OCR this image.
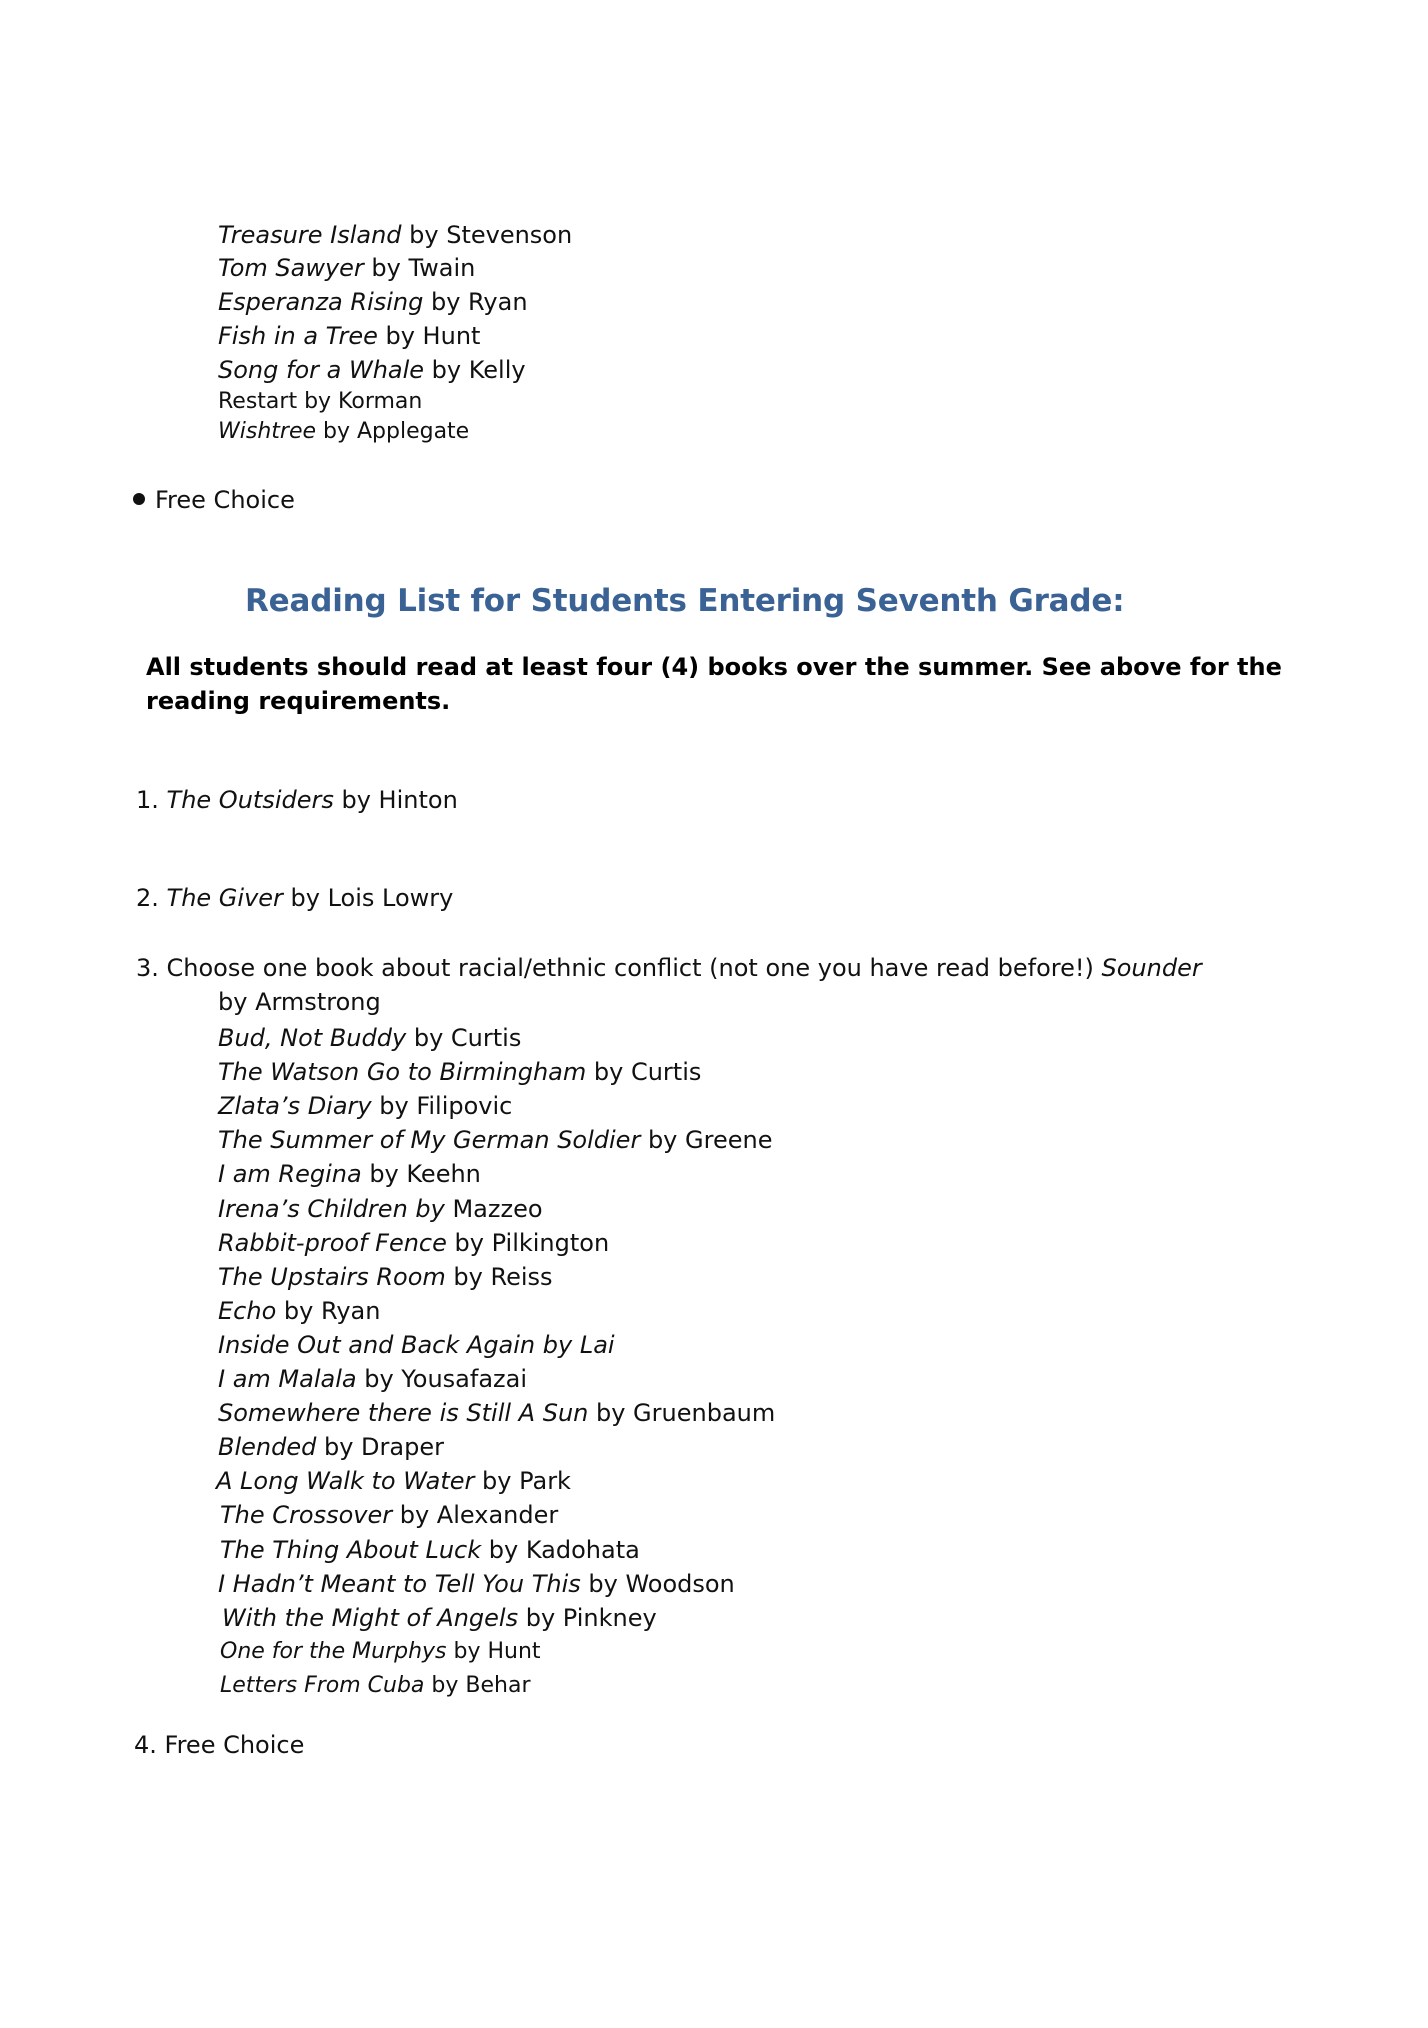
Treasure Island by Stevenson
Tom Sawyer by Twain
Esperanza Rising by Ryan
Fish in a Tree by Hunt
Song for a Whale by Kelly
Restart by Korman
Wishtree by Applegate
Free Choice
Reading List for Students Entering Seventh Grade:
All students should read at least four (4) books over the summer. See above for the reading requirements.
1. The Outsiders by Hinton
2. The Giver by Lois Lowry
3. Choose one book about racial/ethnic conflict (not one you have read before!) Sounder
by Armstrong
Bud, Not Buddy by Curtis
The Watson Go to Birmingham by Curtis
Zlata’s Diary by Filipovic
The Summer of My German Soldier by Greene
I am Regina by Keehn
Irena’s Children by Mazzeo
Rabbit-proof Fence by Pilkington
The Upstairs Room by Reiss
Echo by Ryan
Inside Out and Back Again by Lai
I am Malala by Yousafazai
Somewhere there is Still A Sun by Gruenbaum
Blended by Draper
A Long Walk to Water by Park
The Crossover by Alexander
The Thing About Luck by Kadohata
I Hadn’t Meant to Tell You This by Woodson
With the Might of Angels by Pinkney
One for the Murphys by Hunt
Letters From Cuba by Behar
4. Free Choice
